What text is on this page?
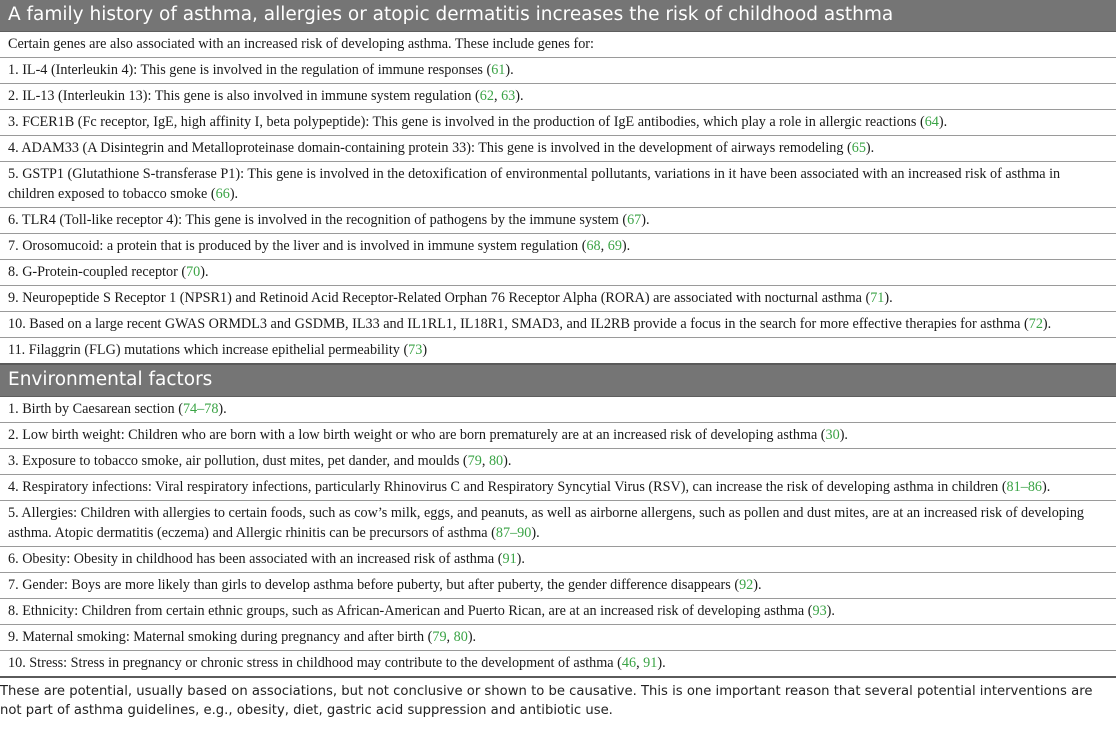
A family history of asthma, allergies or atopic dermatitis increases the risk of childhood asthma
Certain genes are also associated with an increased risk of developing asthma. These include genes for:
1. IL-4 (Interleukin 4): This gene is involved in the regulation of immune responses (61).
2. IL-13 (Interleukin 13): This gene is also involved in immune system regulation (62, 63).
3. FCER1B (Fc receptor, IgE, high affinity I, beta polypeptide): This gene is involved in the production of IgE antibodies, which play a role in allergic reactions (64).
4. ADAM33 (A Disintegrin and Metalloproteinase domain-containing protein 33): This gene is involved in the development of airways remodeling (65).
5. GSTP1 (Glutathione S-transferase P1): This gene is involved in the detoxification of environmental pollutants, variations in it have been associated with an increased risk of asthma in children exposed to tobacco smoke (66).
6. TLR4 (Toll-like receptor 4): This gene is involved in the recognition of pathogens by the immune system (67).
7. Orosomucoid: a protein that is produced by the liver and is involved in immune system regulation (68, 69).
8. G-Protein-coupled receptor (70).
9. Neuropeptide S Receptor 1 (NPSR1) and Retinoid Acid Receptor-Related Orphan 76 Receptor Alpha (RORA) are associated with nocturnal asthma (71).
10. Based on a large recent GWAS ORMDL3 and GSDMB, IL33 and IL1RL1, IL18R1, SMAD3, and IL2RB provide a focus in the search for more effective therapies for asthma (72).
11. Filaggrin (FLG) mutations which increase epithelial permeability (73)
Environmental factors
1. Birth by Caesarean section (74–78).
2. Low birth weight: Children who are born with a low birth weight or who are born prematurely are at an increased risk of developing asthma (30).
3. Exposure to tobacco smoke, air pollution, dust mites, pet dander, and moulds (79, 80).
4. Respiratory infections: Viral respiratory infections, particularly Rhinovirus C and Respiratory Syncytial Virus (RSV), can increase the risk of developing asthma in children (81–86).
5. Allergies: Children with allergies to certain foods, such as cow’s milk, eggs, and peanuts, as well as airborne allergens, such as pollen and dust mites, are at an increased risk of developing asthma. Atopic dermatitis (eczema) and Allergic rhinitis can be precursors of asthma (87–90).
6. Obesity: Obesity in childhood has been associated with an increased risk of asthma (91).
7. Gender: Boys are more likely than girls to develop asthma before puberty, but after puberty, the gender difference disappears (92).
8. Ethnicity: Children from certain ethnic groups, such as African-American and Puerto Rican, are at an increased risk of developing asthma (93).
9. Maternal smoking: Maternal smoking during pregnancy and after birth (79, 80).
10. Stress: Stress in pregnancy or chronic stress in childhood may contribute to the development of asthma (46, 91).

These are potential, usually based on associations, but not conclusive or shown to be causative. This is one important reason that several potential interventions are not part of asthma guidelines, e.g., obesity, diet, gastric acid suppression and antibiotic use.
